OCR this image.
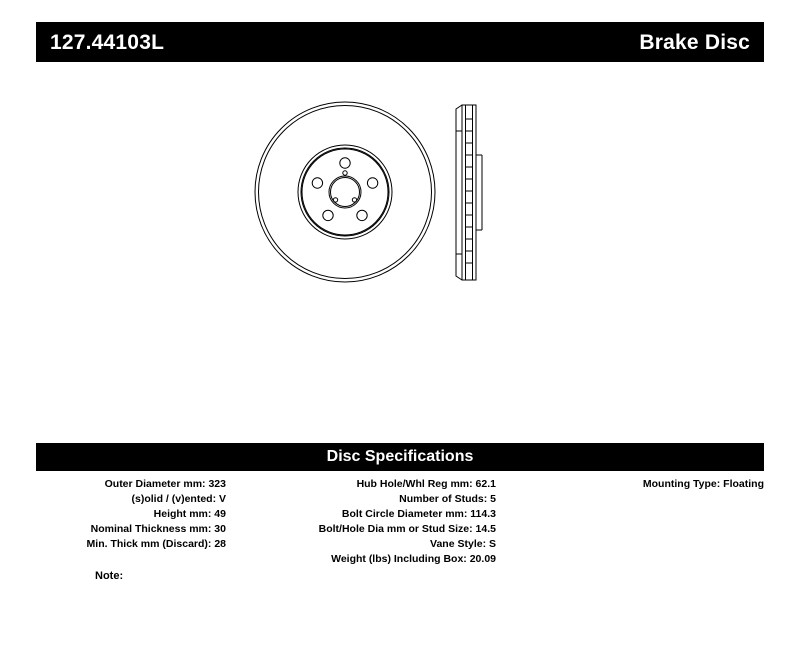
127.44103L	Brake Disc
Disc Specifications
Outer Diameter mm: 323
(s)olid / (v)ented: V
Height mm: 49
Nominal Thickness mm: 30
Min. Thick mm (Discard): 28
Hub Hole/Whl Reg mm: 62.1
Number of Studs: 5
Bolt Circle Diameter mm: 114.3
Bolt/Hole Dia mm or Stud Size: 14.5
Vane Style: S
Weight (lbs) Including Box: 20.09
Mounting Type: Floating
Note:
